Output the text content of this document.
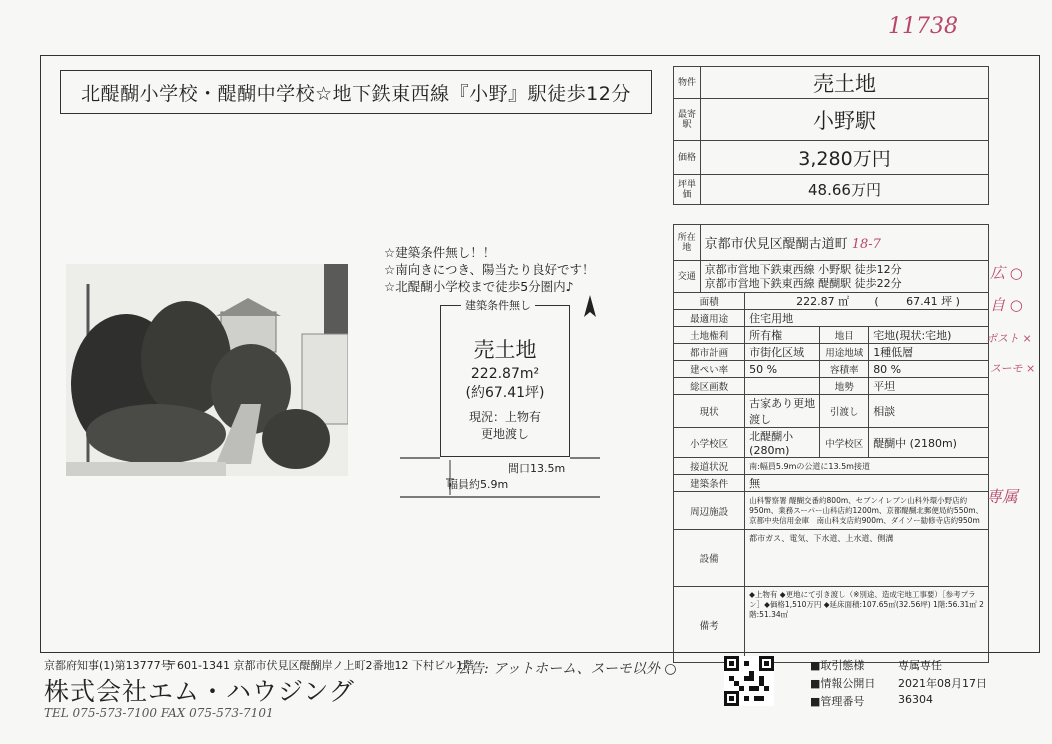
11738
北醍醐小学校・醍醐中学校☆地下鉄東西線『小野』駅徒歩12分
☆建築条件無し！！
☆南向きにつき、陽当たり良好です！
☆北醍醐小学校まで徒歩5分圏内♪
建築条件無し
売土地
222.87m²
(約67.41坪)
現況：上物有
更地渡し
間口13.5m
幅員約5.9m
物件	売土地
最寄駅	小野駅
価格	3,280万円
坪単価	48.66万円
所在地	京都市伏見区醍醐古道町 18-7			
交通	京都市営地下鉄東西線 小野駅 徒歩12分
京都市営地下鉄東西線 醍醐駅 徒歩22分			

面積		222.87 ㎡ ( 67.41 坪 )		
最適用途		住宅用地		
土地権利		所有権	地目	宅地(現状:宅地)
都市計画		市街化区域	用途地域	1種低層
建ぺい率		50 %	容積率	80 %
総区画数			地勢	平坦
現状		古家あり更地渡し	引渡し	相談
小学校区		北醍醐小 (280m)	中学校区	醍醐中 (2180m)
接道状況		南:幅員5.9mの公道に13.5m接道		
建築条件		無		
周辺施設		山科警察署 醍醐交番約800m、セブンイレブン山科外環小野店約950m、業務スーパー山科店約1200m、京都醍醐北郵便局約550m、京都中央信用金庫　南山科支店約900m、ダイソー勧修寺店約950m		
設備		都市ガス、電気、下水道、上水道、側溝		
備考		◆上物有 ◆更地にて引き渡し（※別途、造成宅地工事要）［参考プラン］◆価格1,510万円 ◆延床面積:107.65㎡(32.56坪) 1階:56.31㎡ 2階:51.34㎡		
広 ○
自 ○
ポスト ×
スーモ ×
専属
京都府知事(1)第13777号
〒601-1341 京都市伏見区醍醐岸ノ上町2番地12 下村ビル1階
株式会社エム・ハウジング
TEL 075-573-7100 FAX 075-573-7101
広告: アットホーム、スーモ以外 ○	■取引態様	専属専任
■情報公開日 2021年08月17日
■管理番号	36304
